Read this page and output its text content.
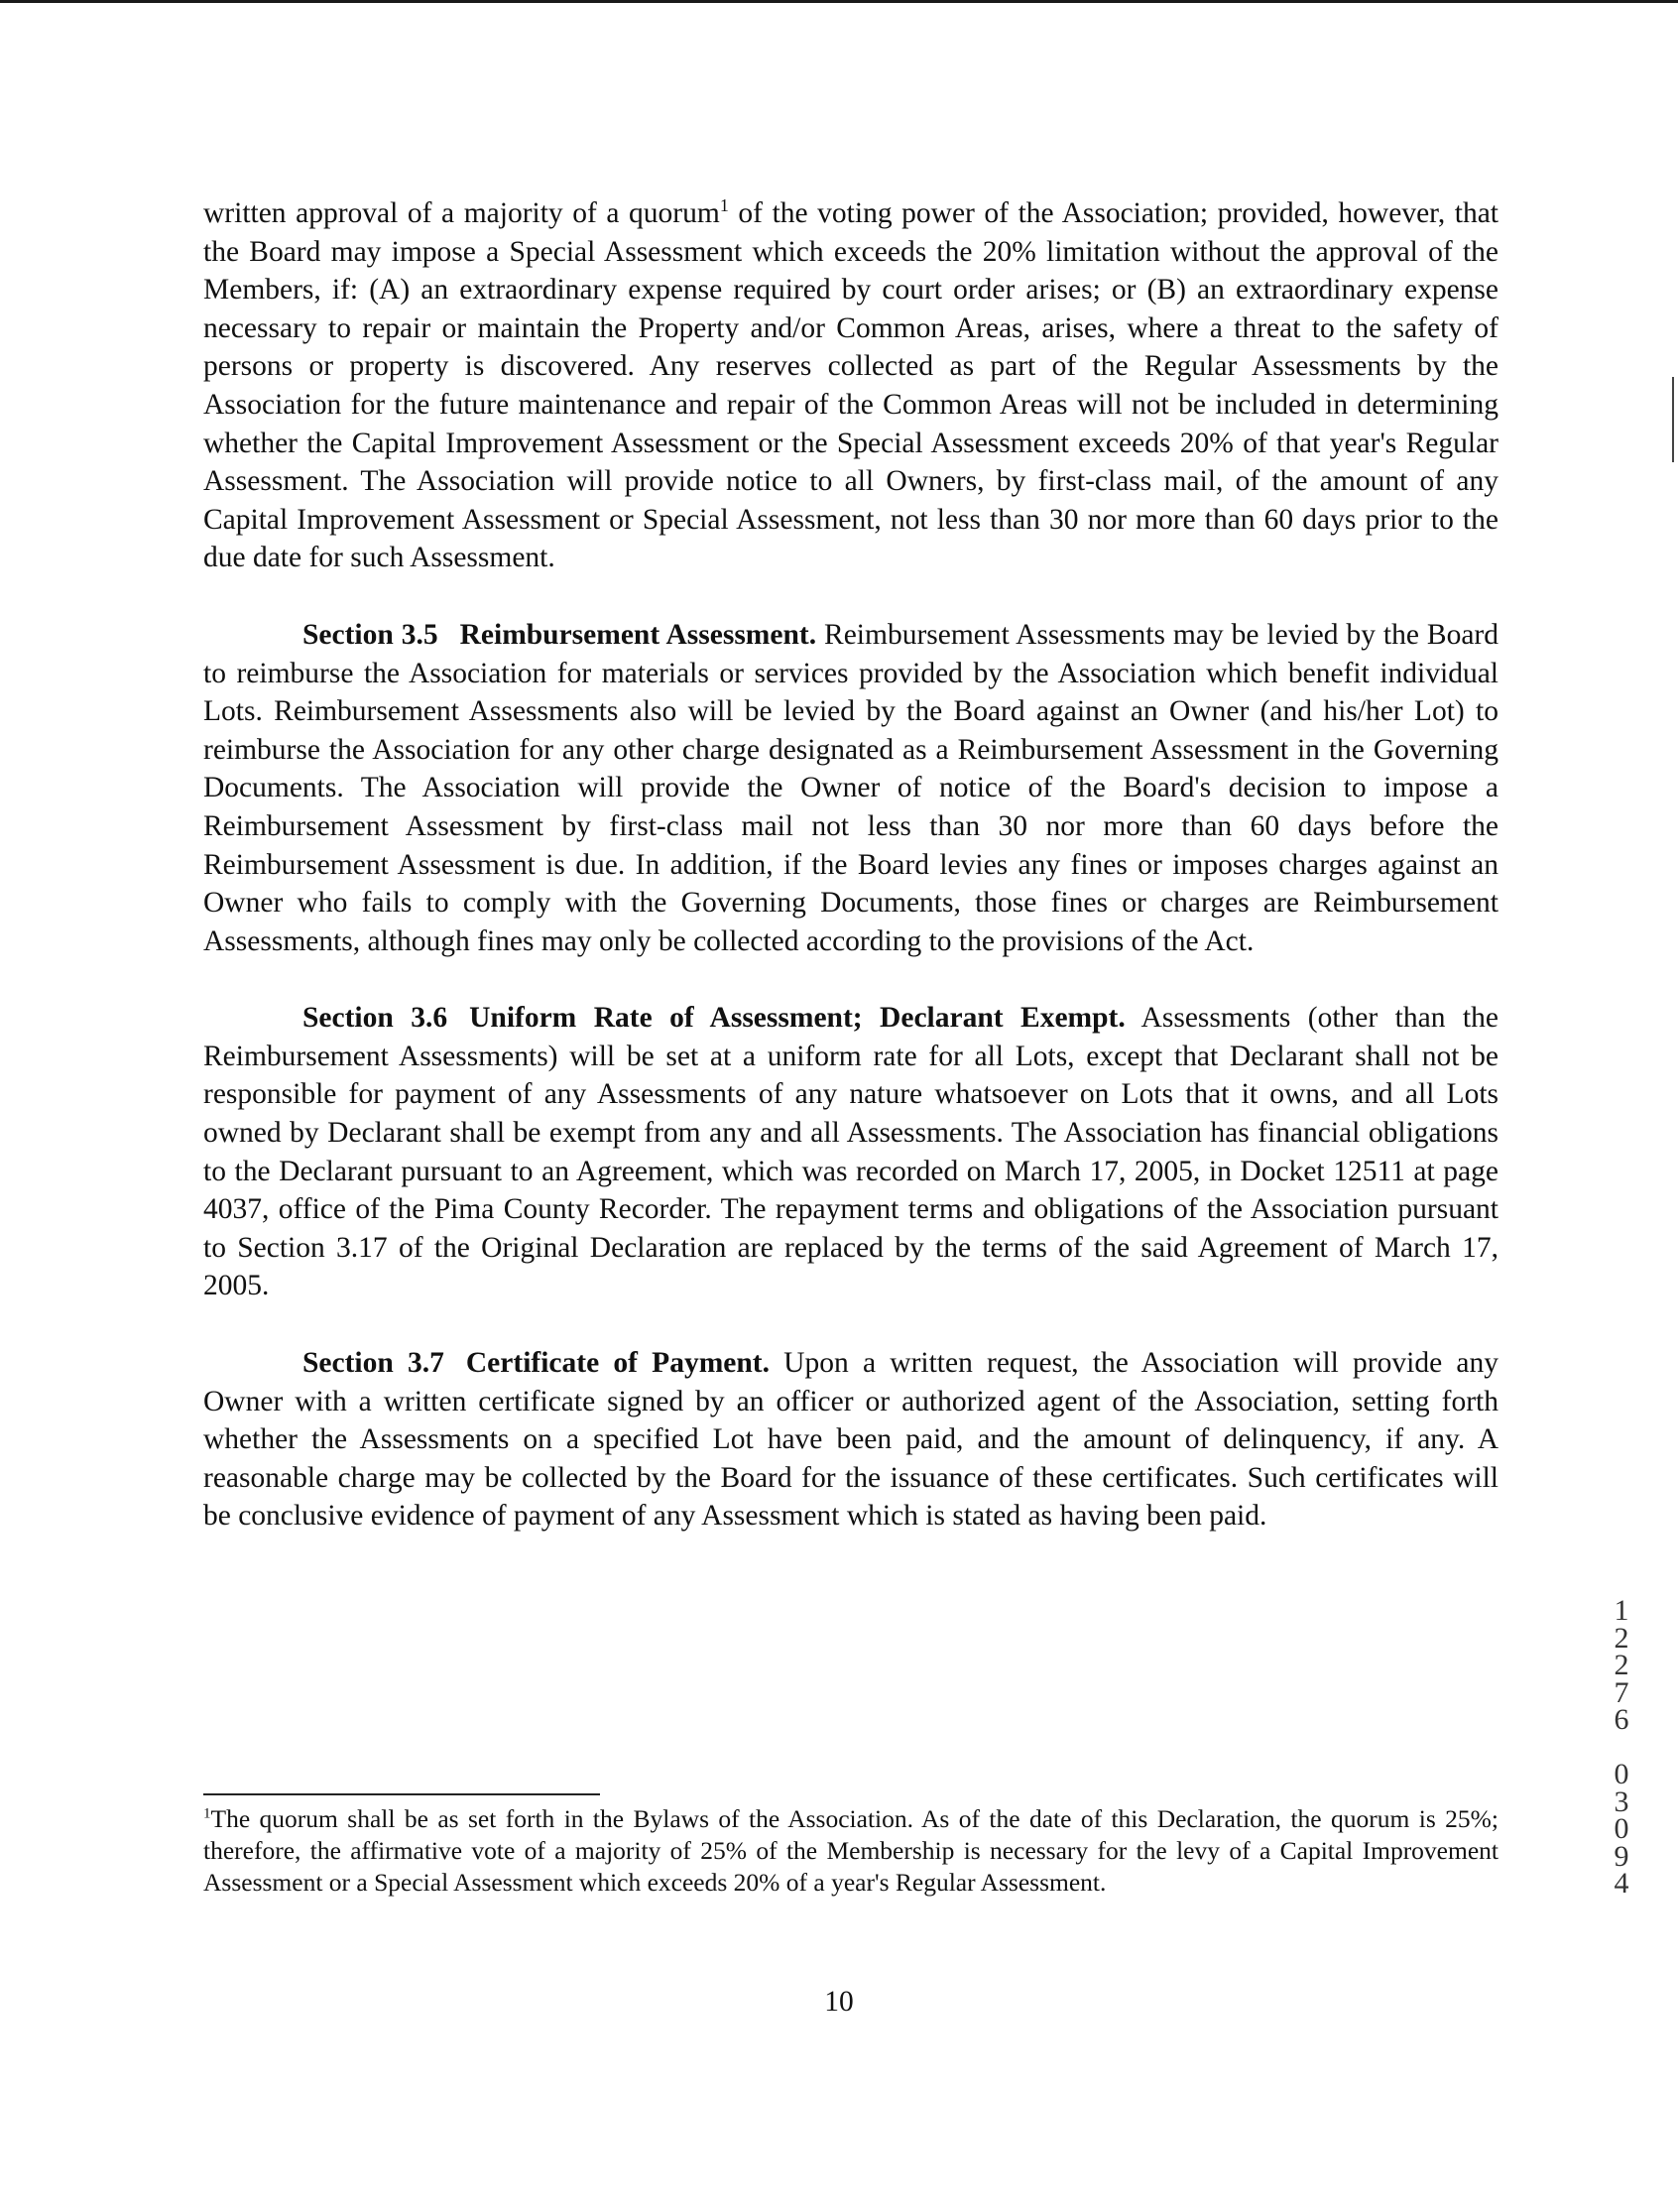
written approval of a majority of a quorum$^1$ of the voting power of the Association; provided, however, that the Board may impose a Special Assessment which exceeds the 20% limitation without the approval of the Members, if: (A) an extraordinary expense required by court order arises; or (B) an extraordinary expense necessary to repair or maintain the Property and/or Common Areas, arises, where a threat to the safety of persons or property is discovered. Any reserves collected as part of the Regular Assessments by the Association for the future maintenance and repair of the Common Areas will not be included in determining whether the Capital Improvement Assessment or the Special Assessment exceeds 20% of that year's Regular Assessment. The Association will provide notice to all Owners, by first-class mail, of the amount of any Capital Improvement Assessment or Special Assessment, not less than 30 nor more than 60 days prior to the due date for such Assessment.

Section 3.5 Reimbursement Assessment. Reimbursement Assessments may be levied by the Board to reimburse the Association for materials or services provided by the Association which benefit individual Lots. Reimbursement Assessments also will be levied by the Board against an Owner (and his/her Lot) to reimburse the Association for any other charge designated as a Reimbursement Assessment in the Governing Documents. The Association will provide the Owner of notice of the Board's decision to impose a Reimbursement Assessment by first-class mail not less than 30 nor more than 60 days before the Reimbursement Assessment is due. In addition, if the Board levies any fines or imposes charges against an Owner who fails to comply with the Governing Documents, those fines or charges are Reimbursement Assessments, although fines may only be collected according to the provisions of the Act.

Section 3.6 Uniform Rate of Assessment; Declarant Exempt. Assessments (other than the Reimbursement Assessments) will be set at a uniform rate for all Lots, except that Declarant shall not be responsible for payment of any Assessments of any nature whatsoever on Lots that it owns, and all Lots owned by Declarant shall be exempt from any and all Assessments. The Association has financial obligations to the Declarant pursuant to an Agreement, which was recorded on March 17, 2005, in Docket 12511 at page 4037, office of the Pima County Recorder. The repayment terms and obligations of the Association pursuant to Section 3.17 of the Original Declaration are replaced by the terms of the said Agreement of March 17, 2005.

Section 3.7 Certificate of Payment. Upon a written request, the Association will provide any Owner with a written certificate signed by an officer or authorized agent of the Association, setting forth whether the Assessments on a specified Lot have been paid, and the amount of delinquency, if any. A reasonable charge may be collected by the Board for the issuance of these certificates. Such certificates will be conclusive evidence of payment of any Assessment which is stated as having been paid.

$^1$The quorum shall be as set forth in the Bylaws of the Association. As of the date of this Declaration, the quorum is 25%; therefore, the affirmative vote of a majority of 25% of the Membership is necessary for the levy of a Capital Improvement Assessment or a Special Assessment which exceeds 20% of a year's Regular Assessment.
10
1
2
2
7
6

0
3
0
9
4
